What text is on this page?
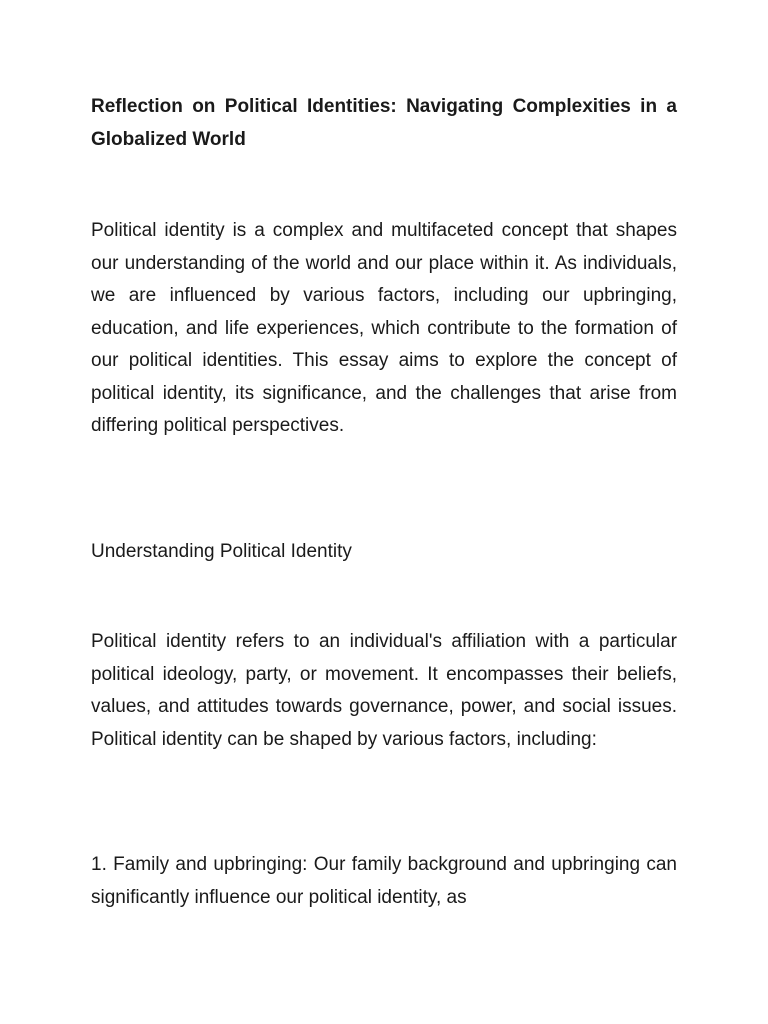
Reflection on Political Identities: Navigating Complexities in a Globalized World
Political identity is a complex and multifaceted concept that shapes our understanding of the world and our place within it. As individuals, we are influenced by various factors, including our upbringing, education, and life experiences, which contribute to the formation of our political identities. This essay aims to explore the concept of political identity, its significance, and the challenges that arise from differing political perspectives.
Understanding Political Identity
Political identity refers to an individual's affiliation with a particular political ideology, party, or movement. It encompasses their beliefs, values, and attitudes towards governance, power, and social issues. Political identity can be shaped by various factors, including:
1. Family and upbringing: Our family background and upbringing can significantly influence our political identity, as
